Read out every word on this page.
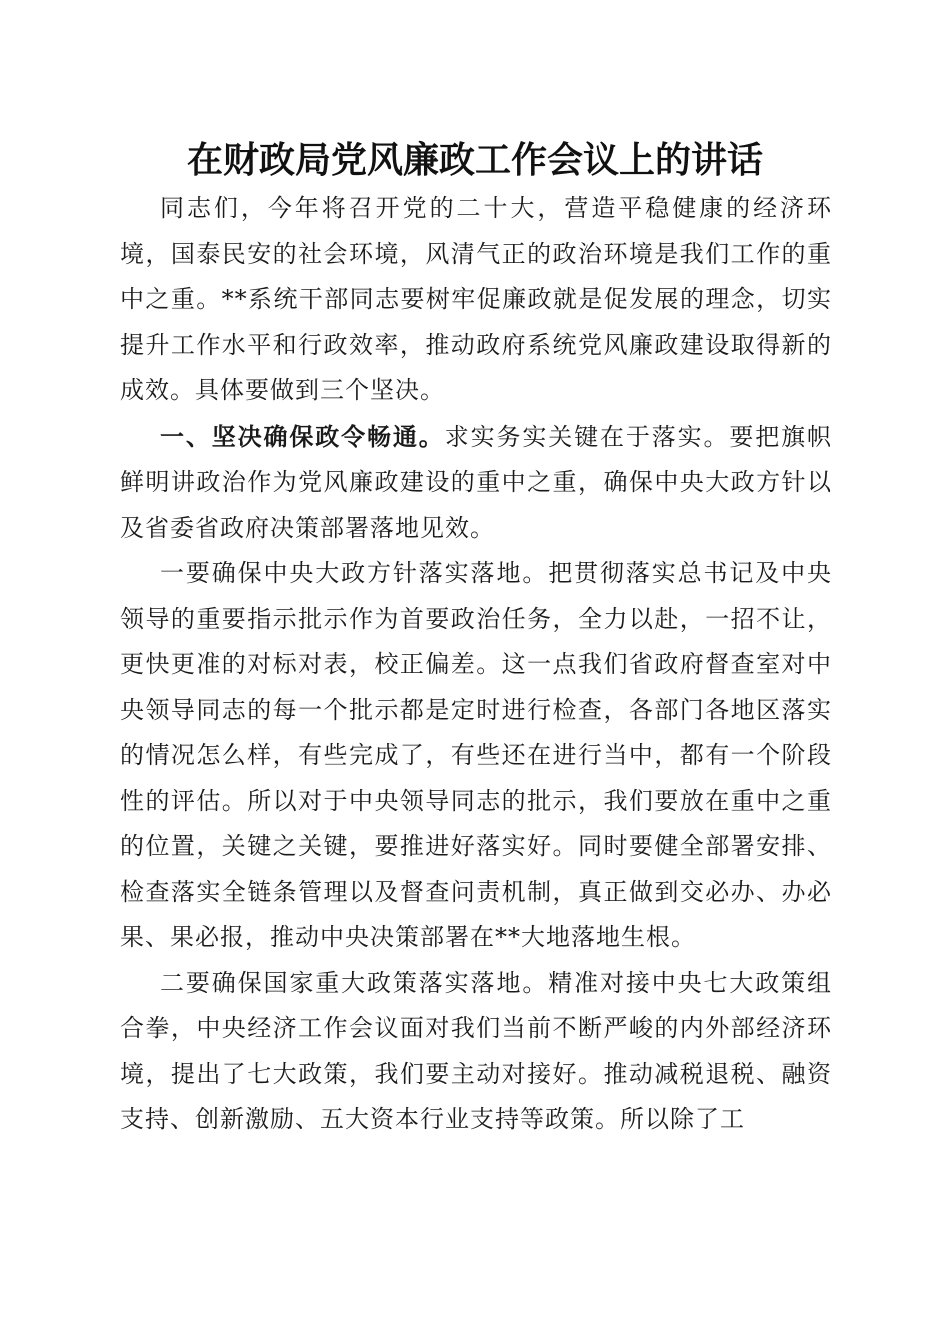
在财政局党风廉政工作会议上的讲话

同志们，今年将召开党的二十大，营造平稳健康的经济环境，国泰民安的社会环境，风清气正的政治环境是我们工作的重中之重。**系统干部同志要树牢促廉政就是促发展的理念，切实提升工作水平和行政效率，推动政府系统党风廉政建设取得新的成效。具体要做到三个坚决。

一、坚决确保政令畅通。求实务实关键在于落实。要把旗帜鲜明讲政治作为党风廉政建设的重中之重，确保中央大政方针以及省委省政府决策部署落地见效。

一要确保中央大政方针落实落地。把贯彻落实总书记及中央领导的重要指示批示作为首要政治任务，全力以赴，一招不让，更快更准的对标对表，校正偏差。这一点我们省政府督查室对中央领导同志的每一个批示都是定时进行检查，各部门各地区落实的情况怎么样，有些完成了，有些还在进行当中，都有一个阶段性的评估。所以对于中央领导同志的批示，我们要放在重中之重的位置，关键之关键，要推进好落实好。同时要健全部署安排、检查落实全链条管理以及督查问责机制，真正做到交必办、办必果、果必报，推动中央决策部署在**大地落地生根。

二要确保国家重大政策落实落地。精准对接中央七大政策组合拳，中央经济工作会议面对我们当前不断严峻的内外部经济环境，提出了七大政策，我们要主动对接好。推动减税退税、融资支持、创新激励、五大资本行业支持等政策。所以除了工
